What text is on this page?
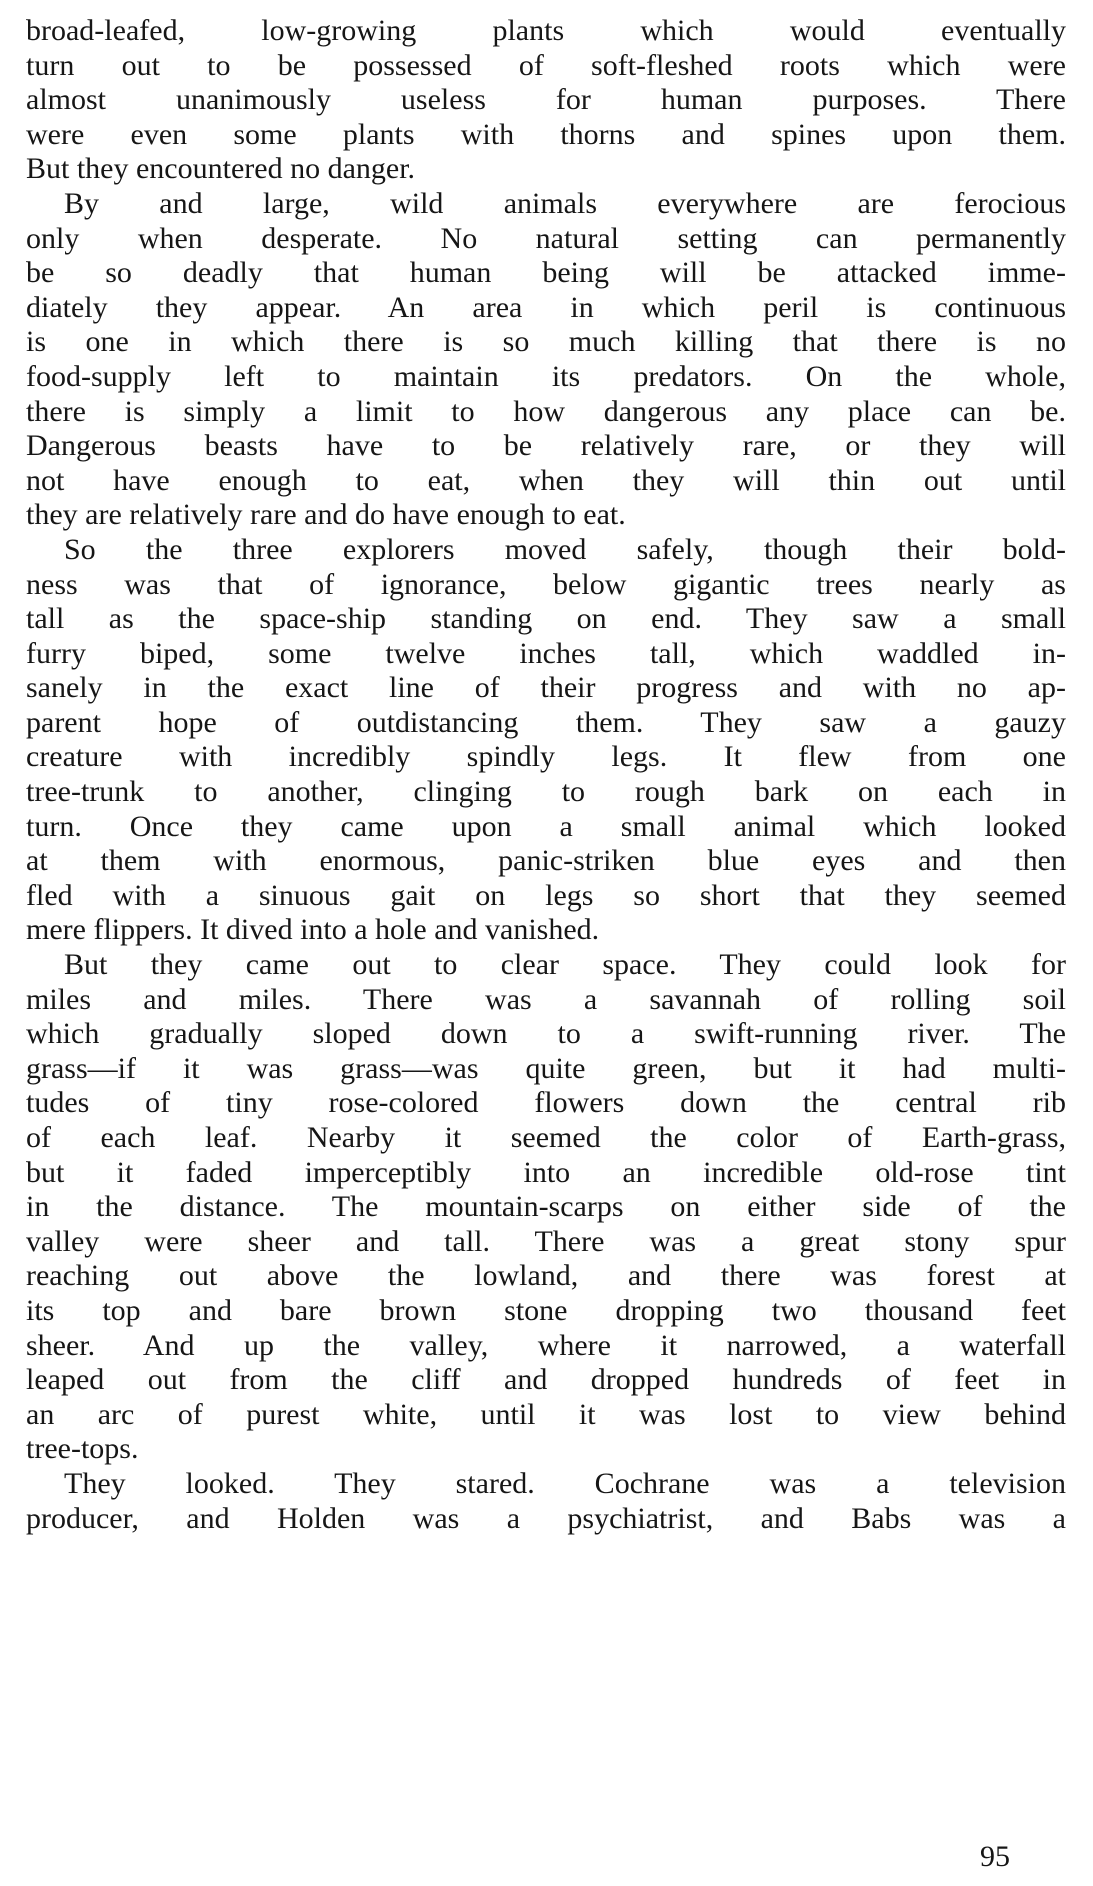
broad-leafed, low-growing plants which would eventually
turn out to be possessed of soft-fleshed roots which were
almost unanimously useless for human purposes. There
were even some plants with thorns and spines upon them.
But they encountered no danger.
By and large, wild animals everywhere are ferocious
only when desperate. No natural setting can permanently
be so deadly that human being will be attacked imme-
diately they appear. An area in which peril is continuous
is one in which there is so much killing that there is no
food-supply left to maintain its predators. On the whole,
there is simply a limit to how dangerous any place can be.
Dangerous beasts have to be relatively rare, or they will
not have enough to eat, when they will thin out until
they are relatively rare and do have enough to eat.
So the three explorers moved safely, though their bold-
ness was that of ignorance, below gigantic trees nearly as
tall as the space-ship standing on end. They saw a small
furry biped, some twelve inches tall, which waddled in-
sanely in the exact line of their progress and with no ap-
parent hope of outdistancing them. They saw a gauzy
creature with incredibly spindly legs. It flew from one
tree-trunk to another, clinging to rough bark on each in
turn. Once they came upon a small animal which looked
at them with enormous, panic-striken blue eyes and then
fled with a sinuous gait on legs so short that they seemed
mere flippers. It dived into a hole and vanished.
But they came out to clear space. They could look for
miles and miles. There was a savannah of rolling soil
which gradually sloped down to a swift-running river. The
grass—if it was grass—was quite green, but it had multi-
tudes of tiny rose-colored flowers down the central rib
of each leaf. Nearby it seemed the color of Earth-grass,
but it faded imperceptibly into an incredible old-rose tint
in the distance. The mountain-scarps on either side of the
valley were sheer and tall. There was a great stony spur
reaching out above the lowland, and there was forest at
its top and bare brown stone dropping two thousand feet
sheer. And up the valley, where it narrowed, a waterfall
leaped out from the cliff and dropped hundreds of feet in
an arc of purest white, until it was lost to view behind
tree-tops.
They looked. They stared. Cochrane was a television
producer, and Holden was a psychiatrist, and Babs was a
95
